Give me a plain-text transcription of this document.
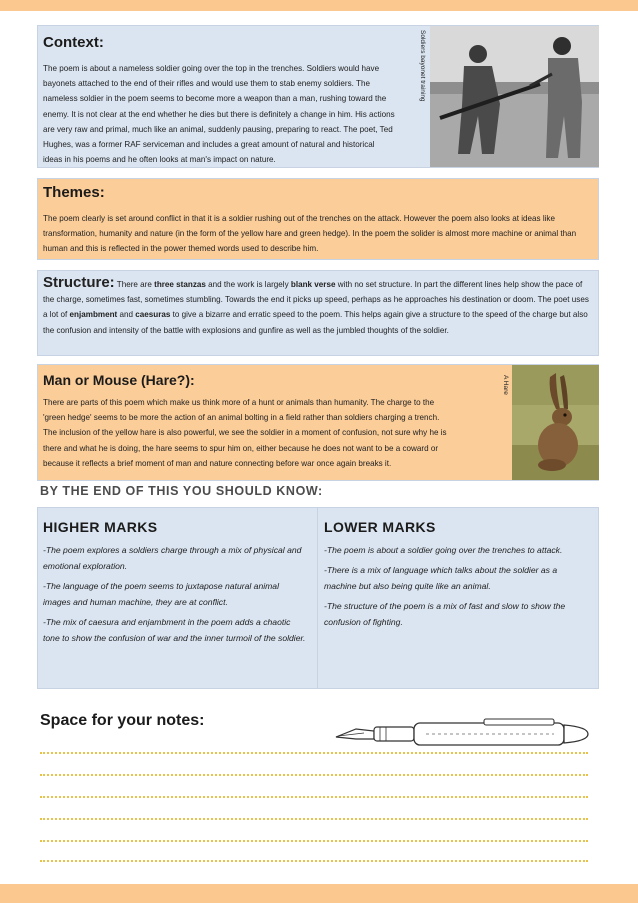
Context:

The poem is about a nameless soldier going over the top in the trenches. Soldiers would have bayonets attached to the end of their rifles and would use them to stab enemy soldiers. The nameless soldier in the poem seems to become more a weapon than a man, rushing toward the enemy. It is not clear at the end whether he dies but there is definitely a change in him. His actions are very raw and primal, much like an animal, suddenly pausing, preparing to react. The poet, Ted Hughes, was a former RAF serviceman and includes a great amount of natural and historical ideas in his poems and he often looks at man's impact on nature.

Soldiers bayonet training
Themes:

The poem clearly is set around conflict in that it is a soldier rushing out of the trenches on the attack. However the poem also looks at ideas like transformation, humanity and nature (in the form of the yellow hare and green hedge). In the poem the solider is almost more machine or animal than human and this is reflected in the power themed words used to describe him.

Structure: There are three stanzas and the work is largely blank verse with no set structure. In part the different lines help show the pace of the charge, sometimes fast, sometimes stumbling. Towards the end it picks up speed, perhaps as he approaches his destination or doom. The poet uses a lot of enjambment and caesuras to give a bizarre and erratic speed to the poem. This helps again give a structure to the speed of the charge but also the confusion and intensity of the battle with explosions and gunfire as well as the jumbled thoughts of the soldier.

Man or Mouse (Hare?):

There are parts of this poem which make us think more of a hunt or animals than humanity. The charge to the 'green hedge' seems to be more the action of an animal bolting in a field rather than soldiers charging a trench. The inclusion of the yellow hare is also powerful, we see the soldier in a moment of confusion, not sure why he is there and what he is doing, the hare seems to spur him on, either because he does not want to be a coward or because it reflects a brief moment of man and nature connecting before war once again breaks it.

A Hare
BY THE END OF THIS YOU SHOULD KNOW:
HIGHER MARKS

-The poem explores a soldiers charge through a mix of physical and emotional exploration.

-The language of the poem seems to juxtapose natural animal images and human machine, they are at conflict.

-The mix of caesura and enjambment in the poem adds a chaotic tone to show the confusion of war and the inner turmoil of the soldier.

LOWER MARKS

-The poem is about a soldier going over the trenches to attack.

-There is a mix of language which talks about the soldier as a machine but also being quite like an animal.

-The structure of the poem is a mix of fast and slow to show the confusion of fighting.

Space for your notes:
